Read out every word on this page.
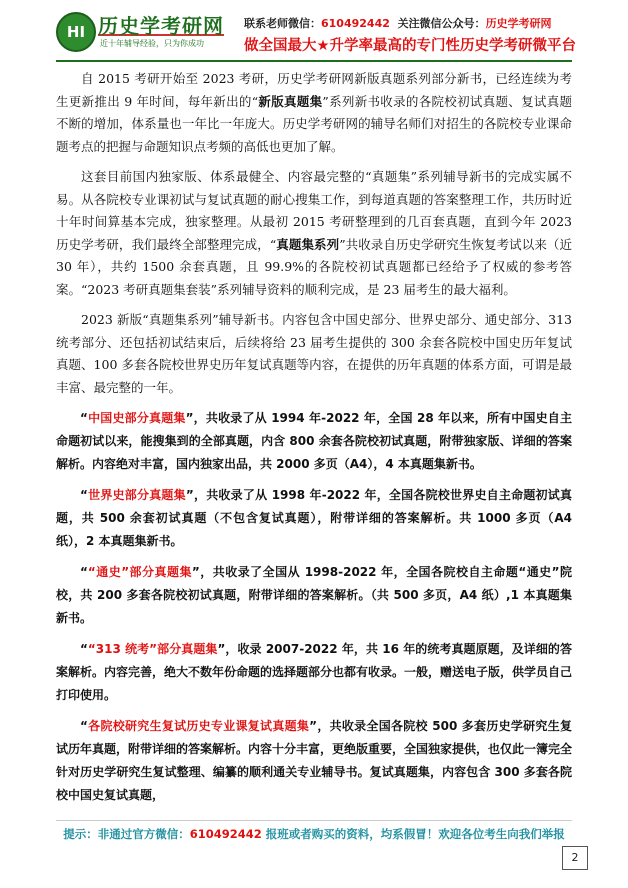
HI 历史学考研网
近十年辅导经验，只为你成功
联系老师微信：610492442 关注微信公众号：历史学考研网
做全国最大★升学率最高的专门性历史学考研微平台

自 2015 考研开始至 2023 考研，历史学考研网新版真题系列部分新书，已经连续为考生更新推出 9 年时间，每年新出的“新版真题集”系列新书收录的各院校初试真题、复试真题不断的增加，体系量也一年比一年庞大。历史学考研网的辅导名师们对招生的各院校专业课命题考点的把握与命题知识点考频的高低也更加了解。

这套目前国内独家版、体系最健全、内容最完整的“真题集”系列辅导新书的完成实属不易。从各院校专业课初试与复试真题的耐心搜集工作，到每道真题的答案整理工作，共历时近十年时间算基本完成，独家整理。从最初 2015 考研整理到的几百套真题，直到今年 2023 历史学考研，我们最终全部整理完成，“真题集系列”共收录自历史学研究生恢复考试以来（近 30 年），共约 1500 余套真题，且 99.9%的各院校初试真题都已经给予了权威的参考答案。“2023 考研真题集套装”系列辅导资料的顺利完成，是 23 届考生的最大福利。

2023 新版“真题集系列”辅导新书。内容包含中国史部分、世界史部分、通史部分、313 统考部分、还包括初试结束后，后续将给 23 届考生提供的 300 余套各院校中国史历年复试真题、100 多套各院校世界史历年复试真题等内容，在提供的历年真题的体系方面，可谓是最丰富、最完整的一年。

“中国史部分真题集”，共收录了从 1994 年-2022 年，全国 28 年以来，所有中国史自主命题初试以来，能搜集到的全部真题，内含 800 余套各院校初试真题，附带独家版、详细的答案解析。内容绝对丰富，国内独家出品，共 2000 多页（A4），4 本真题集新书。

“世界史部分真题集”，共收录了从 1998 年-2022 年，全国各院校世界史自主命题初试真题，共 500 余套初试真题（不包含复试真题），附带详细的答案解析。共 1000 多页（A4 纸），2 本真题集新书。

““通史”部分真题集”，共收录了全国从 1998-2022 年，全国各院校自主命题“通史”院校，共 200 多套各院校初试真题，附带详细的答案解析。（共 500 多页，A4 纸）,1 本真题集新书。

““313 统考”部分真题集”，收录 2007-2022 年，共 16 年的统考真题原题，及详细的答案解析。内容完善，绝大不数年份命题的选择题部分也都有收录。一般，赠送电子版，供学员自己打印使用。

“各院校研究生复试历史专业课复试真题集”，共收录全国各院校 500 多套历史学研究生复试历年真题，附带详细的答案解析。内容十分丰富，更绝版重要，全国独家提供，也仅此一簿完全针对历史学研究生复试整理、编纂的顺利通关专业辅导书。复试真题集，内容包含 300 多套各院校中国史复试真题，

提示：非通过官方微信：610492442 报班或者购买的资料，均系假冒！欢迎各位考生向我们举报
2
